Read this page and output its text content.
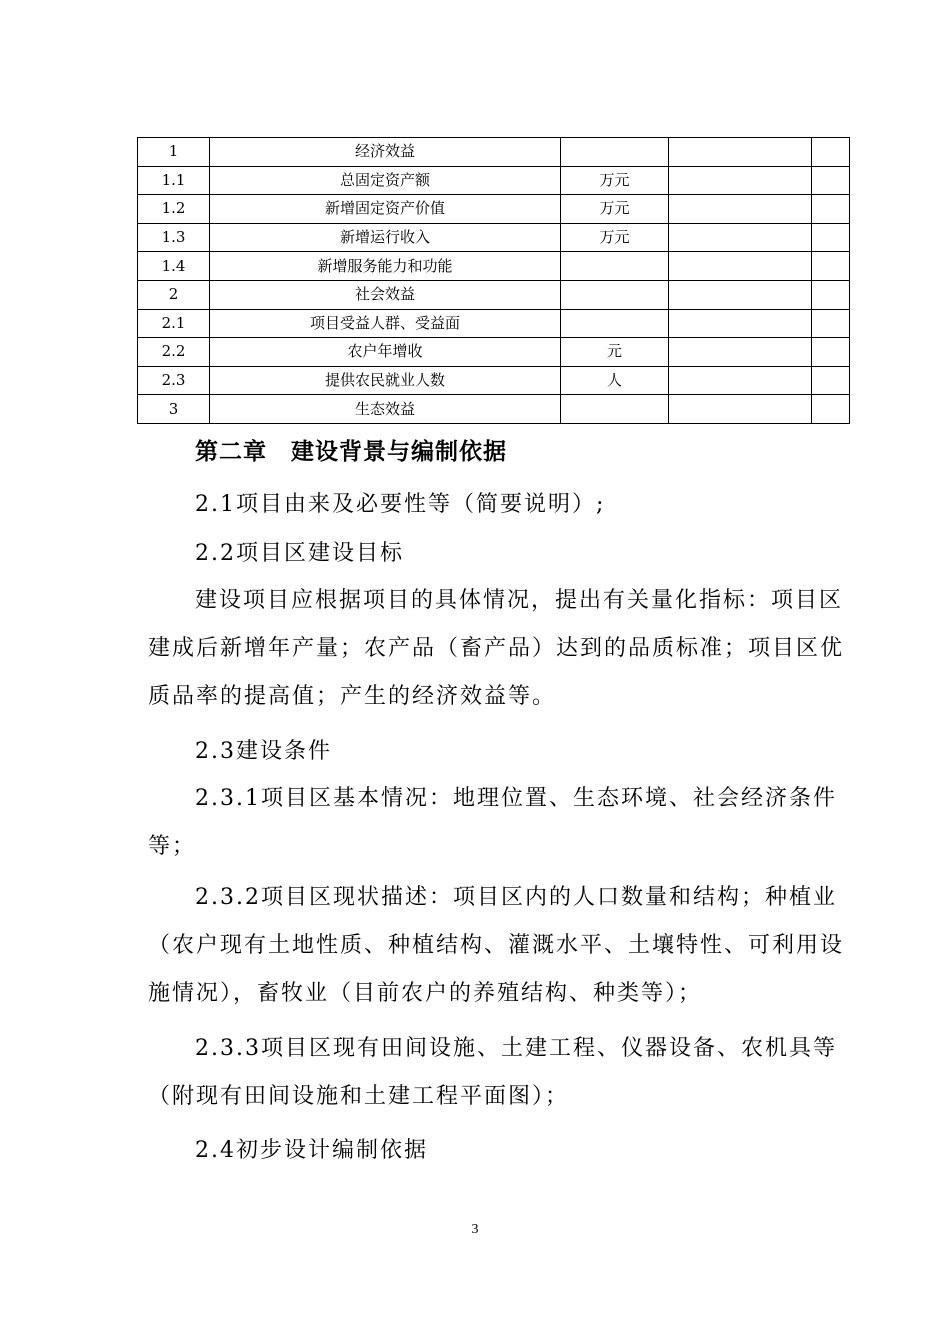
1	经济效益			
1.1	总固定资产额	万元		
1.2	新增固定资产价值	万元		
1.3	新增运行收入	万元		
1.4	新增服务能力和功能			
2	社会效益			
2.1	项目受益人群、受益面			
2.2	农户年增收	元		
2.3	提供农民就业人数	人		
3	生态效益			
第二章　建设背景与编制依据
2.1项目由来及必要性等（简要说明）;
2.2项目区建设目标

建设项目应根据项目的具体情况，提出有关量化指标：项目区建成后新增年产量；农产品（畜产品）达到的品质标准；项目区优质品率的提高值；产生的经济效益等。

2.3建设条件

2.3.1项目区基本情况：地理位置、生态环境、社会经济条件等；

2.3.2项目区现状描述：项目区内的人口数量和结构；种植业（农户现有土地性质、种植结构、灌溉水平、土壤特性、可利用设施情况），畜牧业（目前农户的养殖结构、种类等）；

2.3.3项目区现有田间设施、土建工程、仪器设备、农机具等（附现有田间设施和土建工程平面图）；

2.4初步设计编制依据
3
